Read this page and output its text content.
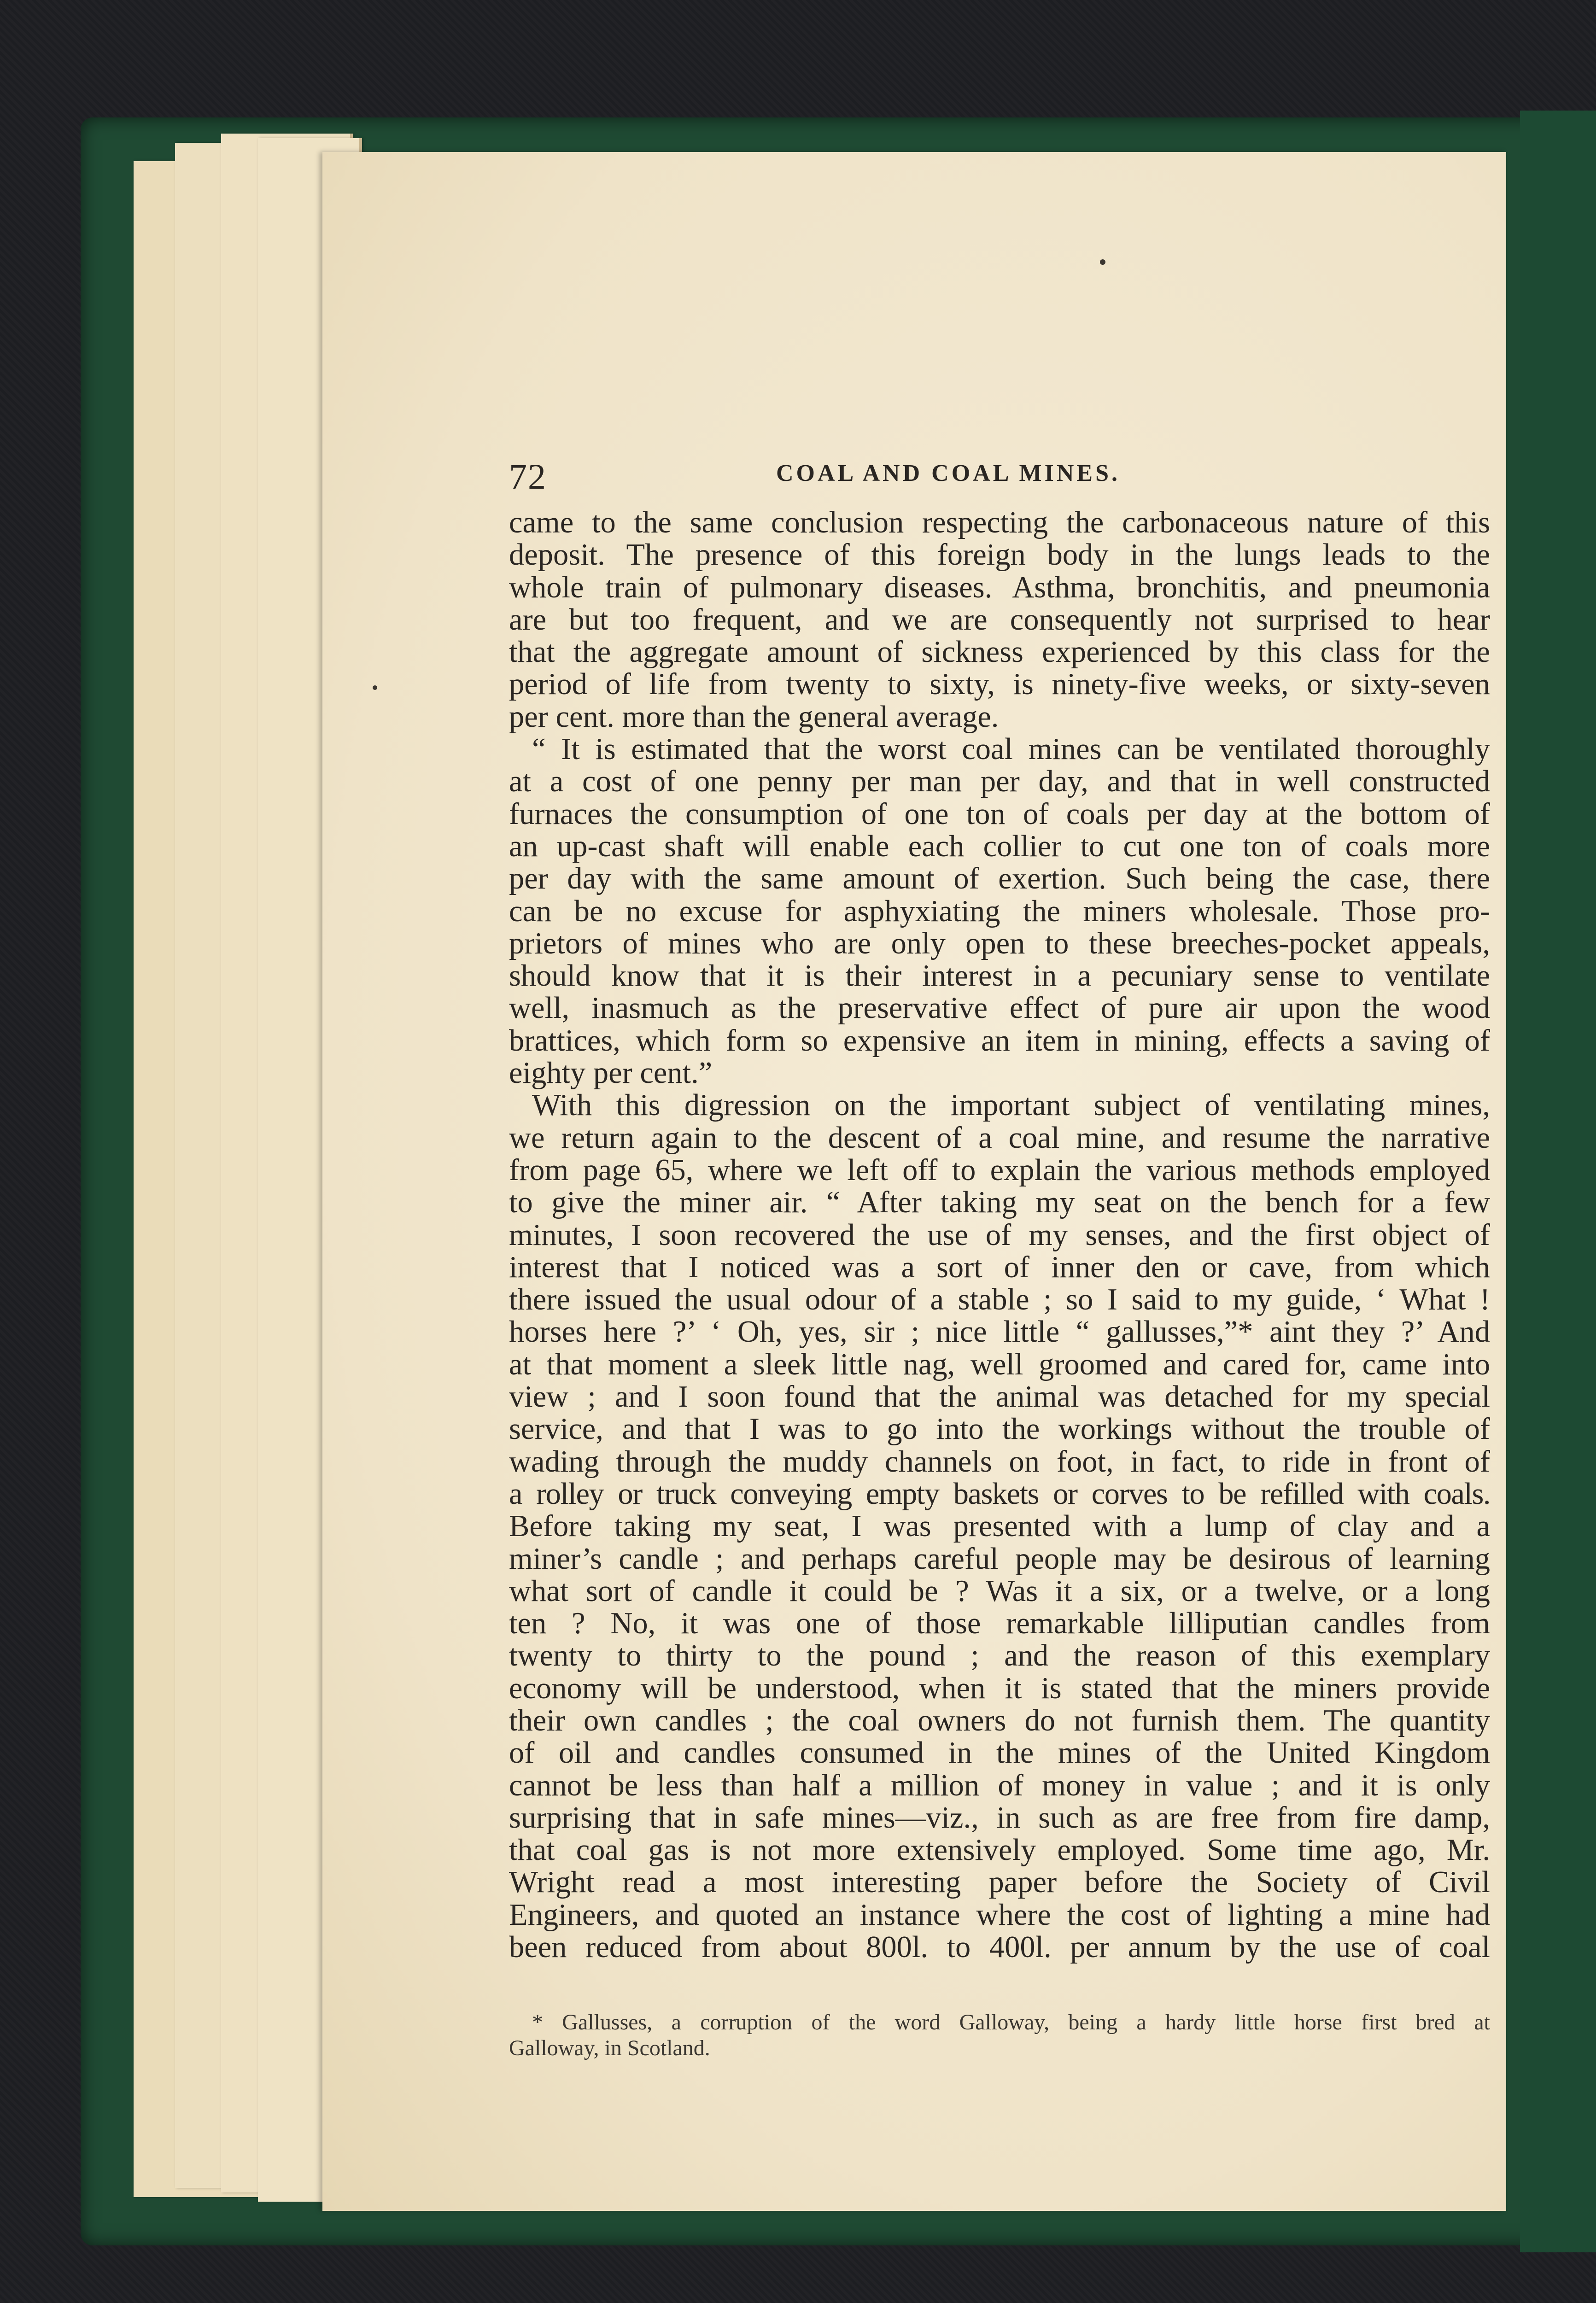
72	COAL AND COAL MINES.
came to the same conclusion respecting the carbonaceous nature of this
deposit. The presence of this foreign body in the lungs leads to the
whole train of pulmonary diseases. Asthma, bronchitis, and pneumonia
are but too frequent, and we are consequently not surprised to hear
that the aggregate amount of sickness experienced by this class for the
period of life from twenty to sixty, is ninety-five weeks, or sixty-seven
per cent. more than the general average.
“ It is estimated that the worst coal mines can be ventilated thoroughly
at a cost of one penny per man per day, and that in well constructed
furnaces the consumption of one ton of coals per day at the bottom of
an up-cast shaft will enable each collier to cut one ton of coals more
per day with the same amount of exertion. Such being the case, there
can be no excuse for asphyxiating the miners wholesale. Those pro-
prietors of mines who are only open to these breeches-pocket appeals,
should know that it is their interest in a pecuniary sense to ventilate
well, inasmuch as the preservative effect of pure air upon the wood
brattices, which form so expensive an item in mining, effects a saving of
eighty per cent.”
With this digression on the important subject of ventilating mines,
we return again to the descent of a coal mine, and resume the narrative
from page 65, where we left off to explain the various methods employed
to give the miner air. “ After taking my seat on the bench for a few
minutes, I soon recovered the use of my senses, and the first object of
interest that I noticed was a sort of inner den or cave, from which
there issued the usual odour of a stable ; so I said to my guide, ‘ What !
horses here ?’ ‘ Oh, yes, sir ; nice little “ gallusses,”* aint they ?’ And
at that moment a sleek little nag, well groomed and cared for, came into
view ; and I soon found that the animal was detached for my special
service, and that I was to go into the workings without the trouble of
wading through the muddy channels on foot, in fact, to ride in front of
a rolley or truck conveying empty baskets or corves to be refilled with coals.
Before taking my seat, I was presented with a lump of clay and a
miner’s candle ; and perhaps careful people may be desirous of learning
what sort of candle it could be ? Was it a six, or a twelve, or a long
ten ? No, it was one of those remarkable lilliputian candles from
twenty to thirty to the pound ; and the reason of this exemplary
economy will be understood, when it is stated that the miners provide
their own candles ; the coal owners do not furnish them. The quantity
of oil and candles consumed in the mines of the United Kingdom
cannot be less than half a million of money in value ; and it is only
surprising that in safe mines—viz., in such as are free from fire damp,
that coal gas is not more extensively employed. Some time ago, Mr.
Wright read a most interesting paper before the Society of Civil
Engineers, and quoted an instance where the cost of lighting a mine had
been reduced from about 800l. to 400l. per annum by the use of coal
* Gallusses, a corruption of the word Galloway, being a hardy little horse first bred at
Galloway, in Scotland.
